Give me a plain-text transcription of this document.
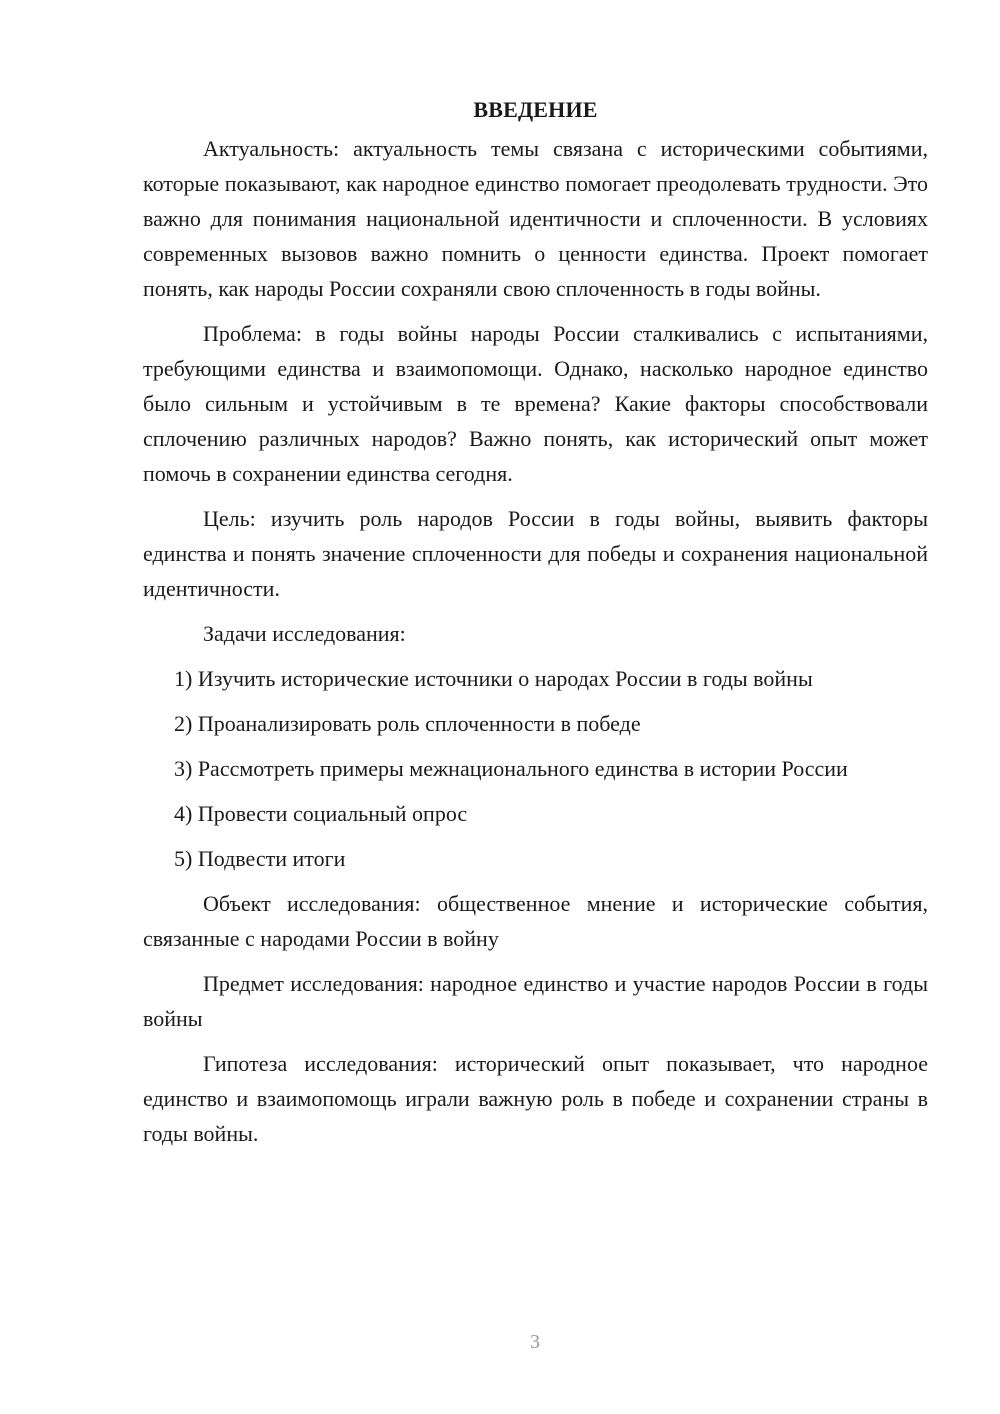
ВВЕДЕНИЕ

Актуальность: актуальность темы связана с историческими событиями, которые показывают, как народное единство помогает преодолевать трудности. Это важно для понимания национальной идентичности и сплоченности. В условиях современных вызовов важно помнить о ценности единства. Проект помогает понять, как народы России сохраняли свою сплоченность в годы войны.

Проблема: в годы войны народы России сталкивались с испытаниями, требующими единства и взаимопомощи. Однако, насколько народное единство было сильным и устойчивым в те времена? Какие факторы способствовали сплочению различных народов? Важно понять, как исторический опыт может помочь в сохранении единства сегодня.

Цель: изучить роль народов России в годы войны, выявить факторы единства и понять значение сплоченности для победы и сохранения национальной идентичности.

Задачи исследования:

1) Изучить исторические источники о народах России в годы войны

2) Проанализировать роль сплоченности в победе

3) Рассмотреть примеры межнационального единства в истории России

4) Провести социальный опрос

5) Подвести итоги

Объект исследования: общественное мнение и исторические события, связанные с народами России в войну

Предмет исследования: народное единство и участие народов России в годы войны

Гипотеза исследования: исторический опыт показывает, что народное единство и взаимопомощь играли важную роль в победе и сохранении страны в годы войны.

3
